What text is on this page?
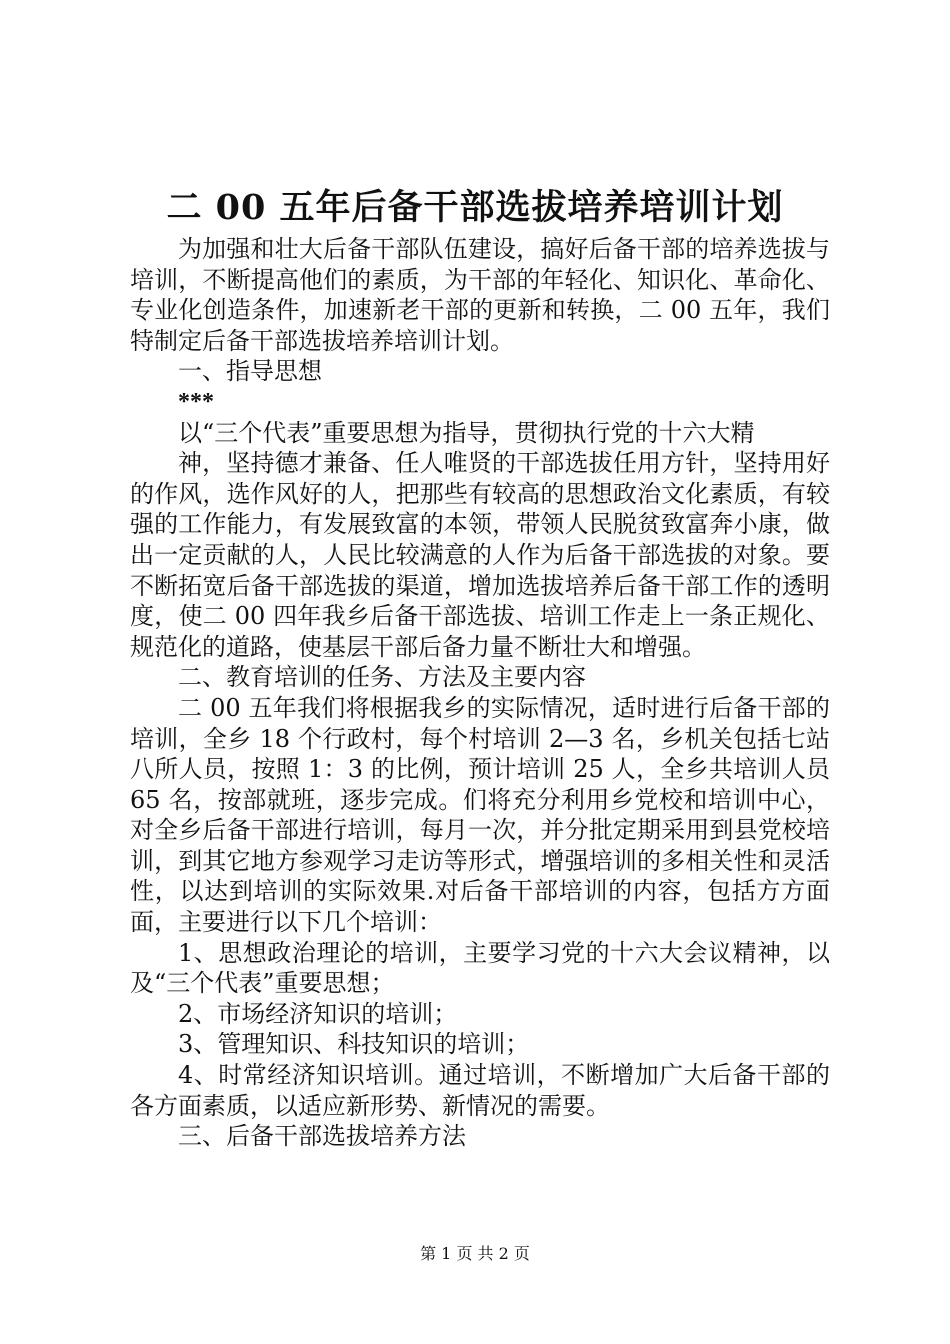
二 00 五年后备干部选拔培养培训计划

为加强和壮大后备干部队伍建设，搞好后备干部的培养选拔与培训，不断提高他们的素质，为干部的年轻化、知识化、革命化、专业化创造条件，加速新老干部的更新和转换，二 00 五年，我们特制定后备干部选拔培养培训计划。

一、指导思想

***

以“三个代表”重要思想为指导，贯彻执行党的十六大精

神，坚持德才兼备、任人唯贤的干部选拔任用方针，坚持用好的作风，选作风好的人，把那些有较高的思想政治文化素质，有较强的工作能力，有发展致富的本领，带领人民脱贫致富奔小康，做出一定贡献的人，人民比较满意的人作为后备干部选拔的对象。要不断拓宽后备干部选拔的渠道，增加选拔培养后备干部工作的透明度，使二 00 四年我乡后备干部选拔、培训工作走上一条正规化、规范化的道路，使基层干部后备力量不断壮大和增强。

二、教育培训的任务、方法及主要内容

二 00 五年我们将根据我乡的实际情况，适时进行后备干部的培训，全乡 18 个行政村，每个村培训 2—3 名，乡机关包括七站八所人员，按照 1：3 的比例，预计培训 25 人，全乡共培训人员 65 名，按部就班，逐步完成。们将充分利用乡党校和培训中心，对全乡后备干部进行培训，每月一次，并分批定期采用到县党校培训，到其它地方参观学习走访等形式，增强培训的多相关性和灵活性，以达到培训的实际效果.对后备干部培训的内容，包括方方面面，主要进行以下几个培训：

1、思想政治理论的培训，主要学习党的十六大会议精神，以及“三个代表”重要思想；

2、市场经济知识的培训；

3、管理知识、科技知识的培训；

4、时常经济知识培训。通过培训，不断增加广大后备干部的各方面素质，以适应新形势、新情况的需要。

三、后备干部选拔培养方法

第 1 页 共 2 页
